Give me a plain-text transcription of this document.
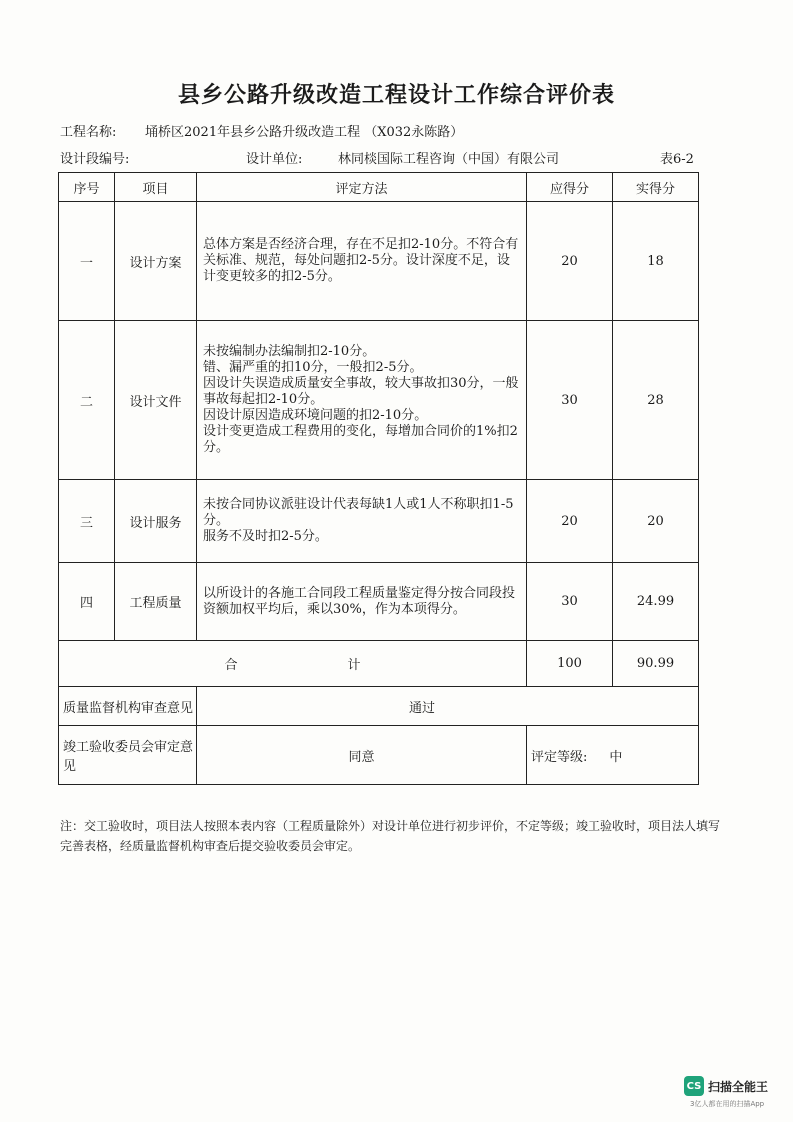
县乡公路升级改造工程设计工作综合评价表
工程名称: 埇桥区2021年县乡公路升级改造工程 （X032永陈路）
设计段编号:	设计单位:	林同棪国际工程咨询（中国）有限公司	表6-2
序号	项目	评定方法	应得分	实得分
一	设计方案	总体方案是否经济合理，存在不足扣2-10分。不符合有关标准、规范，每处问题扣2-5分。设计深度不足，设计变更较多的扣2-5分。	20	18
二	设计文件	未按编制办法编制扣2-10分。
错、漏严重的扣10分，一般扣2-5分。
因设计失误造成质量安全事故，较大事故扣30分，一般事故每起扣2-10分。
因设计原因造成环境问题的扣2-10分。
设计变更造成工程费用的变化，每增加合同价的1%扣2分。	30	28
三	设计服务	未按合同协议派驻设计代表每缺1人或1人不称职扣1-5分。
服务不及时扣2-5分。	20	20
四	工程质量	以所设计的各施工合同段工程质量鉴定得分按合同段投资额加权平均后，乘以30%，作为本项得分。	30	24.99
合 计			100	90.99
质量监督机构审查意见		通过		
竣工验收委员会审定意见		同意	评定等级: 中	
注：交工验收时，项目法人按照本表内容（工程质量除外）对设计单位进行初步评价，不定等级；竣工验收时，项目法人填写完善表格，经质量监督机构审查后提交验收委员会审定。
CS 扫描全能王
3亿人都在用的扫描App
